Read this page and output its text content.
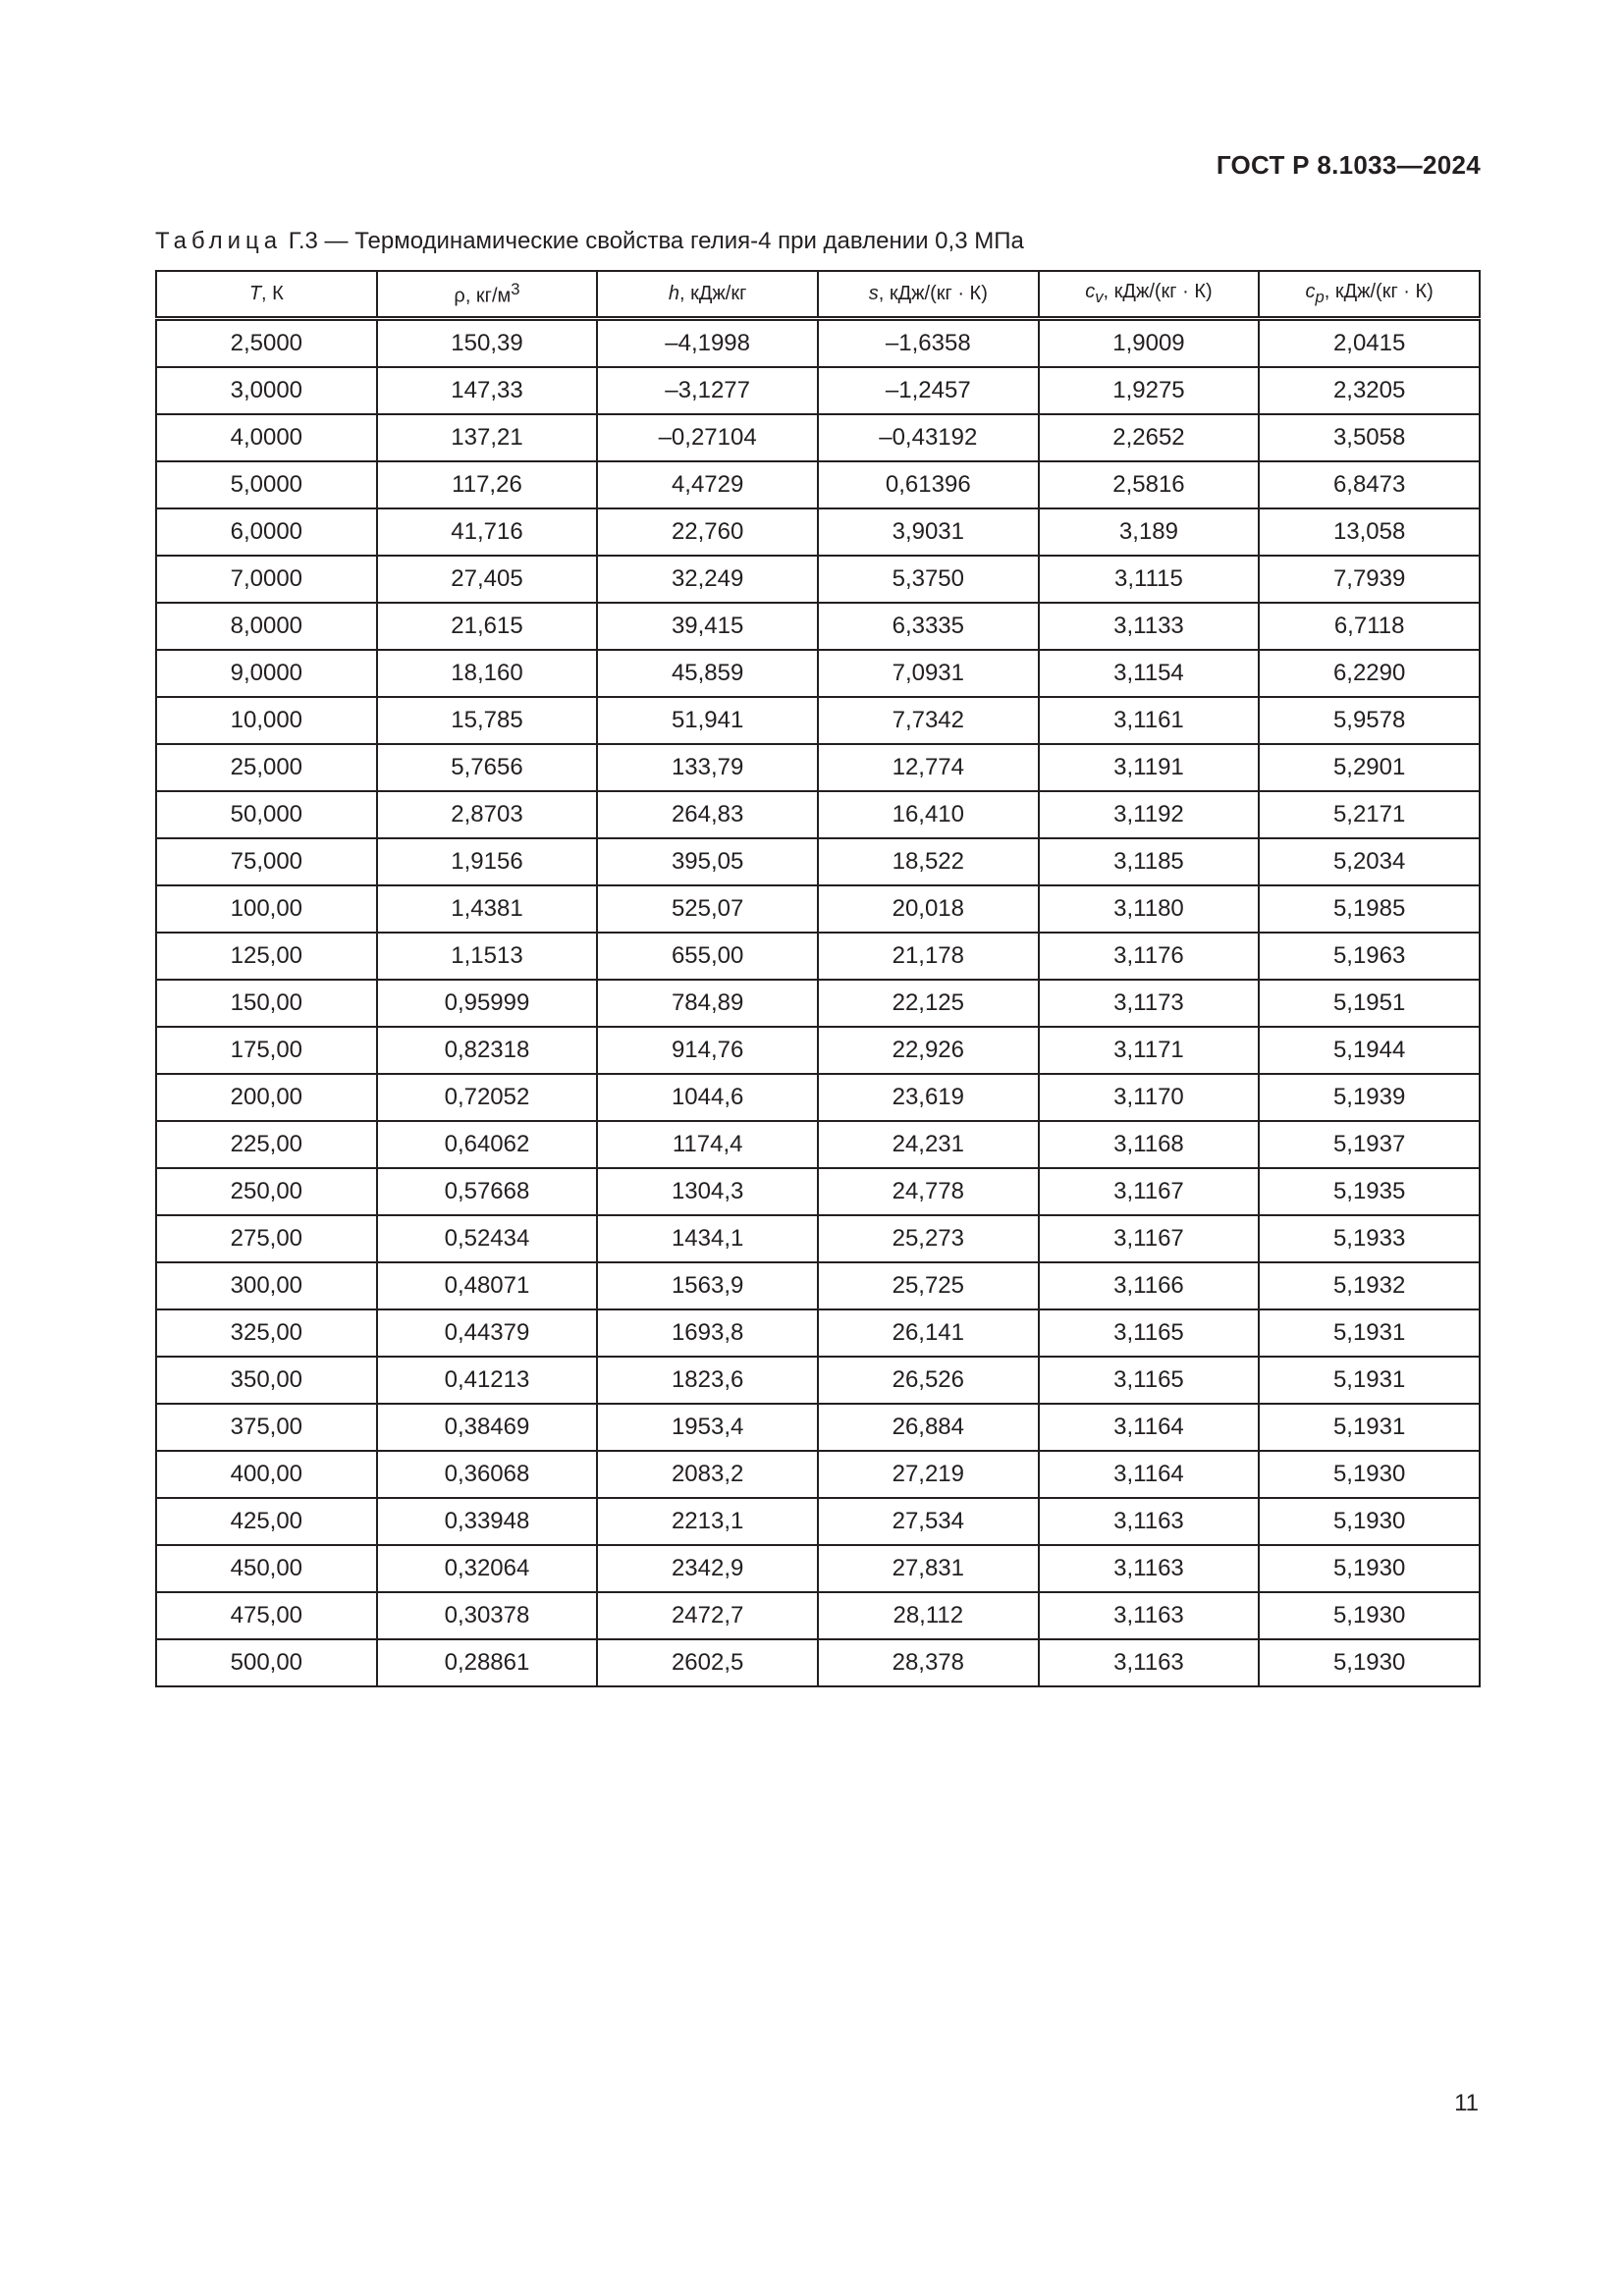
ГОСТ Р 8.1033—2024
Таблица Г.3 — Термодинамические свойства гелия-4 при давлении 0,3 МПа
T, К	ρ, $кг/м^3$	h, кДж/кг	s, кДж/(кг · К)	$c_v$, кДж/(кг · К)	$c_p$, кДж/(кг · К)
2,5000	150,39	–4,1998	–1,6358	1,9009	2,0415
3,0000	147,33	–3,1277	–1,2457	1,9275	2,3205
4,0000	137,21	–0,27104	–0,43192	2,2652	3,5058
5,0000	117,26	4,4729	0,61396	2,5816	6,8473
6,0000	41,716	22,760	3,9031	3,189	13,058
7,0000	27,405	32,249	5,3750	3,1115	7,7939
8,0000	21,615	39,415	6,3335	3,1133	6,7118
9,0000	18,160	45,859	7,0931	3,1154	6,2290
10,000	15,785	51,941	7,7342	3,1161	5,9578
25,000	5,7656	133,79	12,774	3,1191	5,2901
50,000	2,8703	264,83	16,410	3,1192	5,2171
75,000	1,9156	395,05	18,522	3,1185	5,2034
100,00	1,4381	525,07	20,018	3,1180	5,1985
125,00	1,1513	655,00	21,178	3,1176	5,1963
150,00	0,95999	784,89	22,125	3,1173	5,1951
175,00	0,82318	914,76	22,926	3,1171	5,1944
200,00	0,72052	1044,6	23,619	3,1170	5,1939
225,00	0,64062	1174,4	24,231	3,1168	5,1937
250,00	0,57668	1304,3	24,778	3,1167	5,1935
275,00	0,52434	1434,1	25,273	3,1167	5,1933
300,00	0,48071	1563,9	25,725	3,1166	5,1932
325,00	0,44379	1693,8	26,141	3,1165	5,1931
350,00	0,41213	1823,6	26,526	3,1165	5,1931
375,00	0,38469	1953,4	26,884	3,1164	5,1931
400,00	0,36068	2083,2	27,219	3,1164	5,1930
425,00	0,33948	2213,1	27,534	3,1163	5,1930
450,00	0,32064	2342,9	27,831	3,1163	5,1930
475,00	0,30378	2472,7	28,112	3,1163	5,1930
500,00	0,28861	2602,5	28,378	3,1163	5,1930
11
